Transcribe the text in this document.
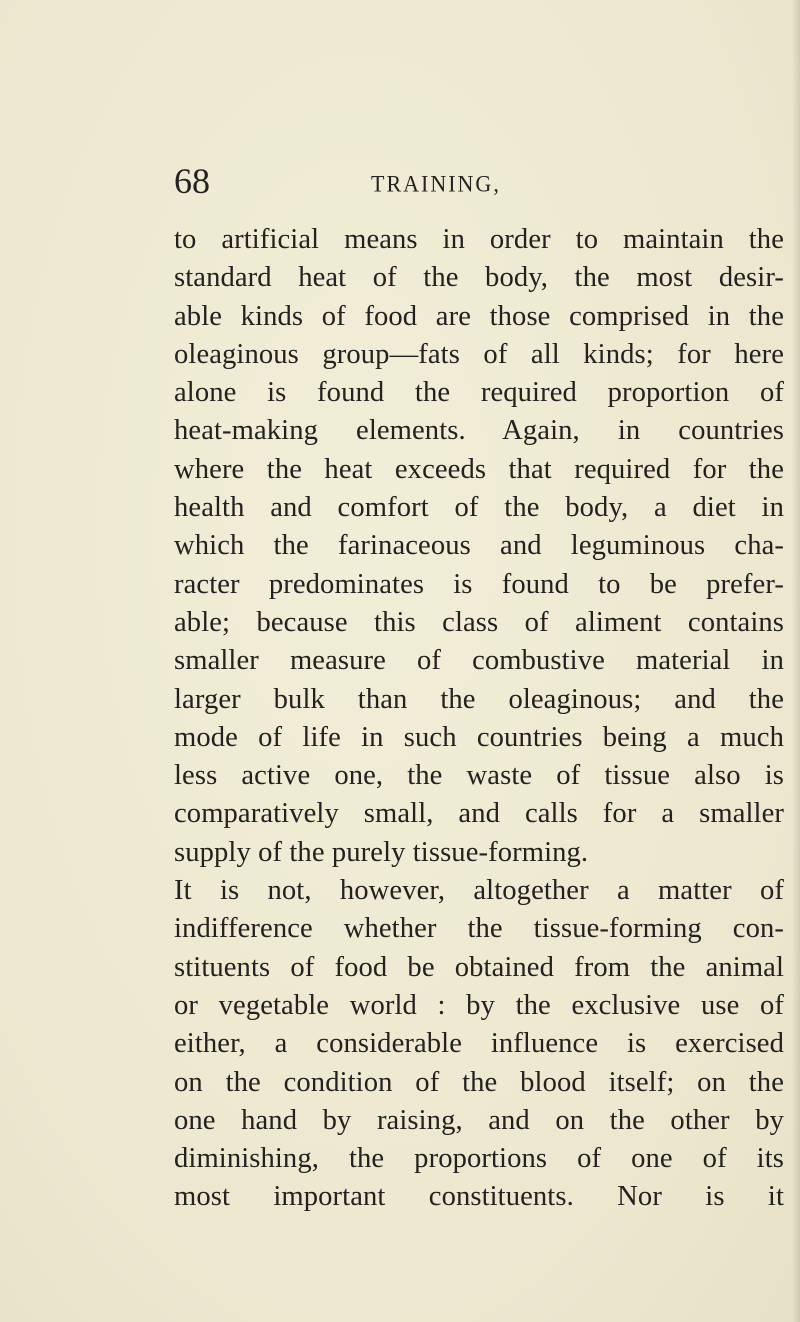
68	TRAINING,
to artificial means in order to maintain the
standard heat of the body, the most desir-
able kinds of food are those comprised in the
oleaginous group—fats of all kinds; for here
alone is found the required proportion of
heat-making elements. Again, in countries
where the heat exceeds that required for the
health and comfort of the body, a diet in
which the farinaceous and leguminous cha-
racter predominates is found to be prefer-
able; because this class of aliment contains
smaller measure of combustive material in
larger bulk than the oleaginous; and the
mode of life in such countries being a much
less active one, the waste of tissue also is
comparatively small, and calls for a smaller
supply of the purely tissue-forming.
It is not, however, altogether a matter of
indifference whether the tissue-forming con-
stituents of food be obtained from the animal
or vegetable world : by the exclusive use of
either, a considerable influence is exercised
on the condition of the blood itself; on the
one hand by raising, and on the other by
diminishing, the proportions of one of its
most important constituents. Nor is it
